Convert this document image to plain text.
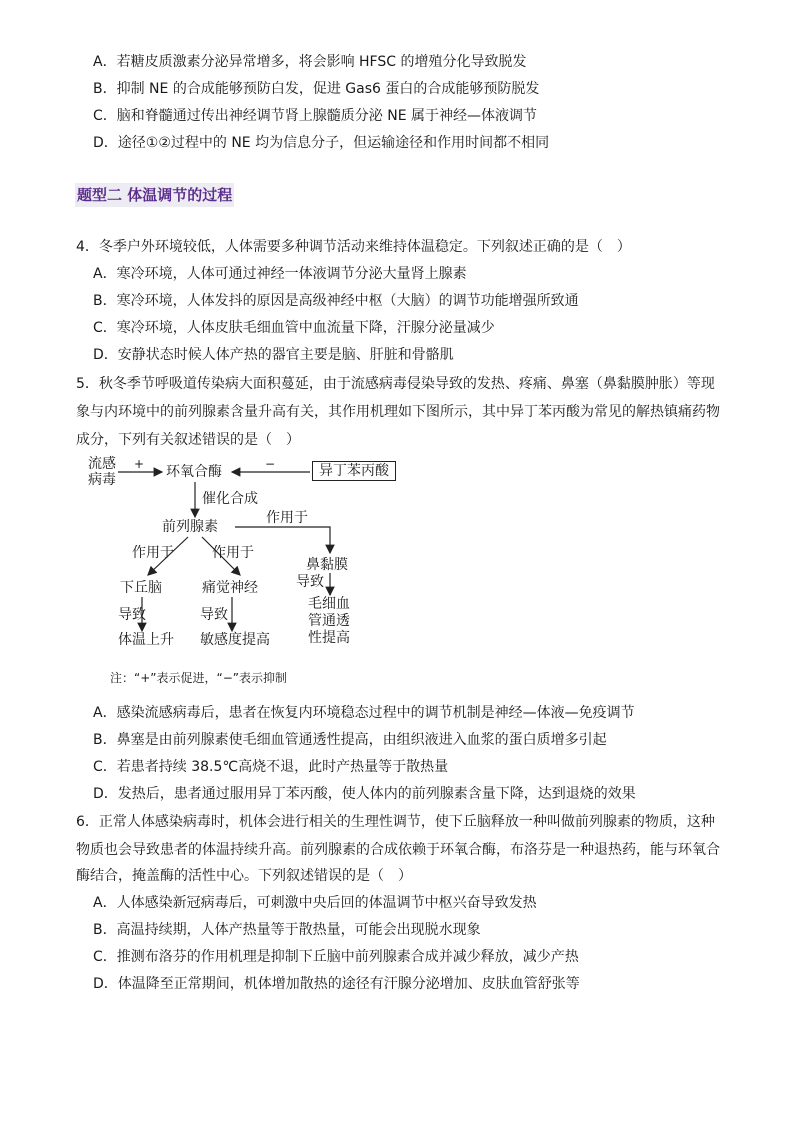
A．若糖皮质激素分泌异常增多，将会影响 HFSC 的增殖分化导致脱发
B．抑制 NE 的合成能够预防白发，促进 Gas6 蛋白的合成能够预防脱发
C．脑和脊髓通过传出神经调节肾上腺髓质分泌 NE 属于神经—体液调节
D．途径①②过程中的 NE 均为信息分子，但运输途径和作用时间都不相同
题型二 体温调节的过程
4．冬季户外环境较低，人体需要多种调节活动来维持体温稳定。下列叙述正确的是（　）
A．寒冷环境，人体可通过神经一体液调节分泌大量肾上腺素
B．寒冷环境，人体发抖的原因是高级神经中枢（大脑）的调节功能增强所致通
C．寒冷环境，人体皮肤毛细血管中血流量下降，汗腺分泌量减少
D．安静状态时候人体产热的器官主要是脑、肝脏和骨骼肌
5．秋冬季节呼吸道传染病大面积蔓延，由于流感病毒侵染导致的发热、疼痛、鼻塞（鼻黏膜肿胀）等现
象与内环境中的前列腺素含量升高有关，其作用机理如下图所示，其中异丁苯丙酸为常见的解热镇痛药物
成分，下列有关叙述错误的是（　）
流感
病毒
+ 环氧合酶	−	异丁苯丙酸
催化合成
前列腺素
作用于
作用于	作用于
鼻黏膜
下丘脑	痛觉神经	导致
导致	导致
毛细血
管通透
性提高
体温上升 敏感度提高
注：“+”表示促进，“−”表示抑制
A．感染流感病毒后，患者在恢复内环境稳态过程中的调节机制是神经—体液—免疫调节
B．鼻塞是由前列腺素使毛细血管通透性提高，由组织液进入血浆的蛋白质增多引起
C．若患者持续 38.5℃高烧不退，此时产热量等于散热量
D．发热后，患者通过服用异丁苯丙酸，使人体内的前列腺素含量下降，达到退烧的效果
6．正常人体感染病毒时，机体会进行相关的生理性调节，使下丘脑释放一种叫做前列腺素的物质，这种
物质也会导致患者的体温持续升高。前列腺素的合成依赖于环氧合酶，布洛芬是一种退热药，能与环氧合
酶结合，掩盖酶的活性中心。下列叙述错误的是（　）
A．人体感染新冠病毒后，可刺激中央后回的体温调节中枢兴奋导致发热
B．高温持续期，人体产热量等于散热量，可能会出现脱水现象
C．推测布洛芬的作用机理是抑制下丘脑中前列腺素合成并减少释放，减少产热
D．体温降至正常期间，机体增加散热的途径有汗腺分泌增加、皮肤血管舒张等
